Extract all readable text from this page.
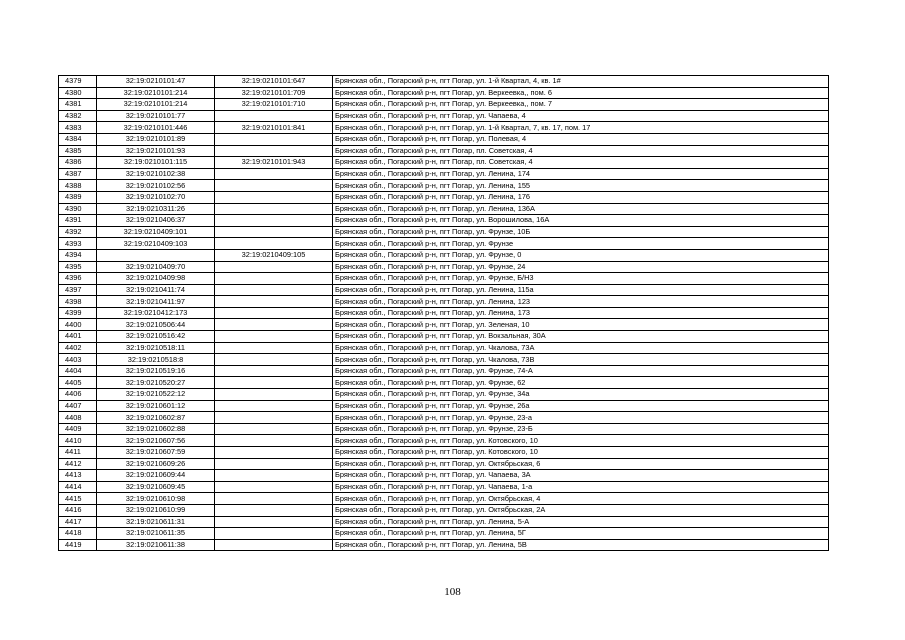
4379	32:19:0210101:47	32:19:0210101:647	Брянская обл., Погарский р-н, пгт Погар, ул. 1-й Квартал, 4, кв. 1#
4380	32:19:0210101:214	32:19:0210101:709	Брянская обл., Погарский р-н, пгт Погар, ул. Веркеевка,, пом. 6
4381	32:19:0210101:214	32:19:0210101:710	Брянская обл., Погарский р-н, пгт Погар, ул. Веркеевка,, пом. 7
4382	32:19:0210101:77		Брянская обл., Погарский р-н, пгт Погар, ул. Чапаева, 4
4383	32:19:0210101:446	32:19:0210101:841	Брянская обл., Погарский р-н, пгт Погар, ул. 1-й Квартал, 7, кв. 17, пом. 17
4384	32:19:0210101:89		Брянская обл., Погарский р-н, пгт Погар, ул. Полевая, 4
4385	32:19:0210101:93		Брянская обл., Погарский р-н, пгт Погар, пл. Советская, 4
4386	32:19:0210101:115	32:19:0210101:943	Брянская обл., Погарский р-н, пгт Погар, пл. Советская, 4
4387	32:19:0210102:38		Брянская обл., Погарский р-н, пгт Погар, ул. Ленина, 174
4388	32:19:0210102:56		Брянская обл., Погарский р-н, пгт Погар, ул. Ленина, 155
4389	32:19:0210102:70		Брянская обл., Погарский р-н, пгт Погар, ул. Ленина, 176
4390	32:19:0210311:26		Брянская обл., Погарский р-н, пгт Погар, ул. Ленина, 136А
4391	32:19:0210406:37		Брянская обл., Погарский р-н, пгт Погар, ул. Ворошилова, 16А
4392	32:19:0210409:101		Брянская обл., Погарский р-н, пгт Погар, ул. Фрунзе, 10Б
4393	32:19:0210409:103		Брянская обл., Погарский р-н, пгт Погар, ул. Фрунзе
4394		32:19:0210409:105	Брянская обл., Погарский р-н, пгт Погар, ул. Фрунзе, 0
4395	32:19:0210409:70		Брянская обл., Погарский р-н, пгт Погар, ул. Фрунзе, 24
4396	32:19:0210409:98		Брянская обл., Погарский р-н, пгт Погар, ул. Фрунзе, Б/Н3
4397	32:19:0210411:74		Брянская обл., Погарский р-н, пгт Погар, ул. Ленина, 115а
4398	32:19:0210411:97		Брянская обл., Погарский р-н, пгт Погар, ул. Ленина, 123
4399	32:19:0210412:173		Брянская обл., Погарский р-н, пгт Погар, ул. Ленина, 173
4400	32:19:0210506:44		Брянская обл., Погарский р-н, пгт Погар, ул. Зеленая, 10
4401	32:19:0210516:42		Брянская обл., Погарский р-н, пгт Погар, ул. Вокзальная, 30А
4402	32:19:0210518:11		Брянская обл., Погарский р-н, пгт Погар, ул. Чкалова, 73А
4403	32:19:0210518:8		Брянская обл., Погарский р-н, пгт Погар, ул. Чкалова, 73В
4404	32:19:0210519:16		Брянская обл., Погарский р-н, пгт Погар, ул. Фрунзе, 74-А
4405	32:19:0210520:27		Брянская обл., Погарский р-н, пгт Погар, ул. Фрунзе, 62
4406	32:19:0210522:12		Брянская обл., Погарский р-н, пгт Погар, ул. Фрунзе, 34а
4407	32:19:0210601:12		Брянская обл., Погарский р-н, пгт Погар, ул. Фрунзе, 26а
4408	32:19:0210602:87		Брянская обл., Погарский р-н, пгт Погар, ул. Фрунзе, 23-а
4409	32:19:0210602:88		Брянская обл., Погарский р-н, пгт Погар, ул. Фрунзе, 23-Б
4410	32:19:0210607:56		Брянская обл., Погарский р-н, пгт Погар, ул. Котовского, 10
4411	32:19:0210607:59		Брянская обл., Погарский р-н, пгт Погар, ул. Котовского, 10
4412	32:19:0210609:26		Брянская обл., Погарский р-н, пгт Погар, ул. Октябрьская, 6
4413	32:19:0210609:44		Брянская обл., Погарский р-н, пгт Погар, ул. Чапаева, 3А
4414	32:19:0210609:45		Брянская обл., Погарский р-н, пгт Погар, ул. Чапаева, 1-а
4415	32:19:0210610:98		Брянская обл., Погарский р-н, пгт Погар, ул. Октябрьская, 4
4416	32:19:0210610:99		Брянская обл., Погарский р-н, пгт Погар, ул. Октябрьская, 2А
4417	32:19:0210611:31		Брянская обл., Погарский р-н, пгт Погар, ул. Ленина, 5-А
4418	32:19:0210611:35		Брянская обл., Погарский р-н, пгт Погар, ул. Ленина, 5Г
4419	32:19:0210611:38		Брянская обл., Погарский р-н, пгт Погар, ул. Ленина, 5В
108
